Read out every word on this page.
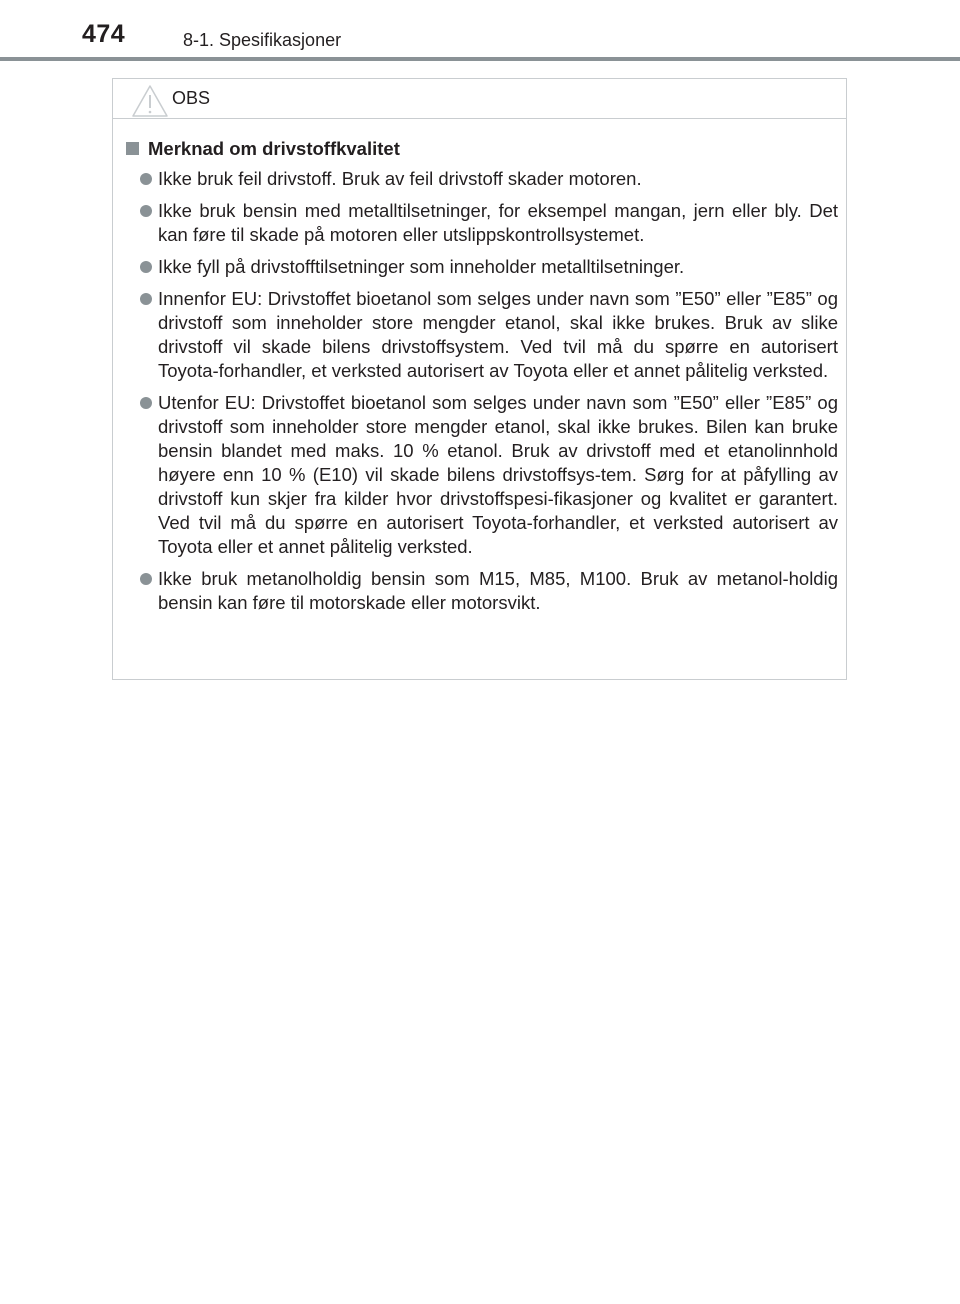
474	8-1. Spesifikasjoner
OBS
Merknad om drivstoffkvalitet
Ikke bruk feil drivstoff. Bruk av feil drivstoff skader motoren.
Ikke bruk bensin med metalltilsetninger, for eksempel mangan, jern eller bly. Det kan føre til skade på motoren eller utslippskontrollsystemet.
Ikke fyll på drivstofftilsetninger som inneholder metalltilsetninger.
Innenfor EU: Drivstoffet bioetanol som selges under navn som ”E50” eller ”E85” og drivstoff som inneholder store mengder etanol, skal ikke brukes. Bruk av slike drivstoff vil skade bilens drivstoffsystem. Ved tvil må du spørre en autorisert Toyota-forhandler, et verksted autorisert av Toyota eller et annet pålitelig verksted.
Utenfor EU: Drivstoffet bioetanol som selges under navn som ”E50” eller ”E85” og drivstoff som inneholder store mengder etanol, skal ikke brukes. Bilen kan bruke bensin blandet med maks. 10 % etanol. Bruk av drivstoff med et etanolinnhold høyere enn 10 % (E10) vil skade bilens drivstoffsys-tem. Sørg for at påfylling av drivstoff kun skjer fra kilder hvor drivstoffspesi-fikasjoner og kvalitet er garantert. Ved tvil må du spørre en autorisert Toyota-forhandler, et verksted autorisert av Toyota eller et annet pålitelig verksted.
Ikke bruk metanolholdig bensin som M15, M85, M100. Bruk av metanol-holdig bensin kan føre til motorskade eller motorsvikt.
